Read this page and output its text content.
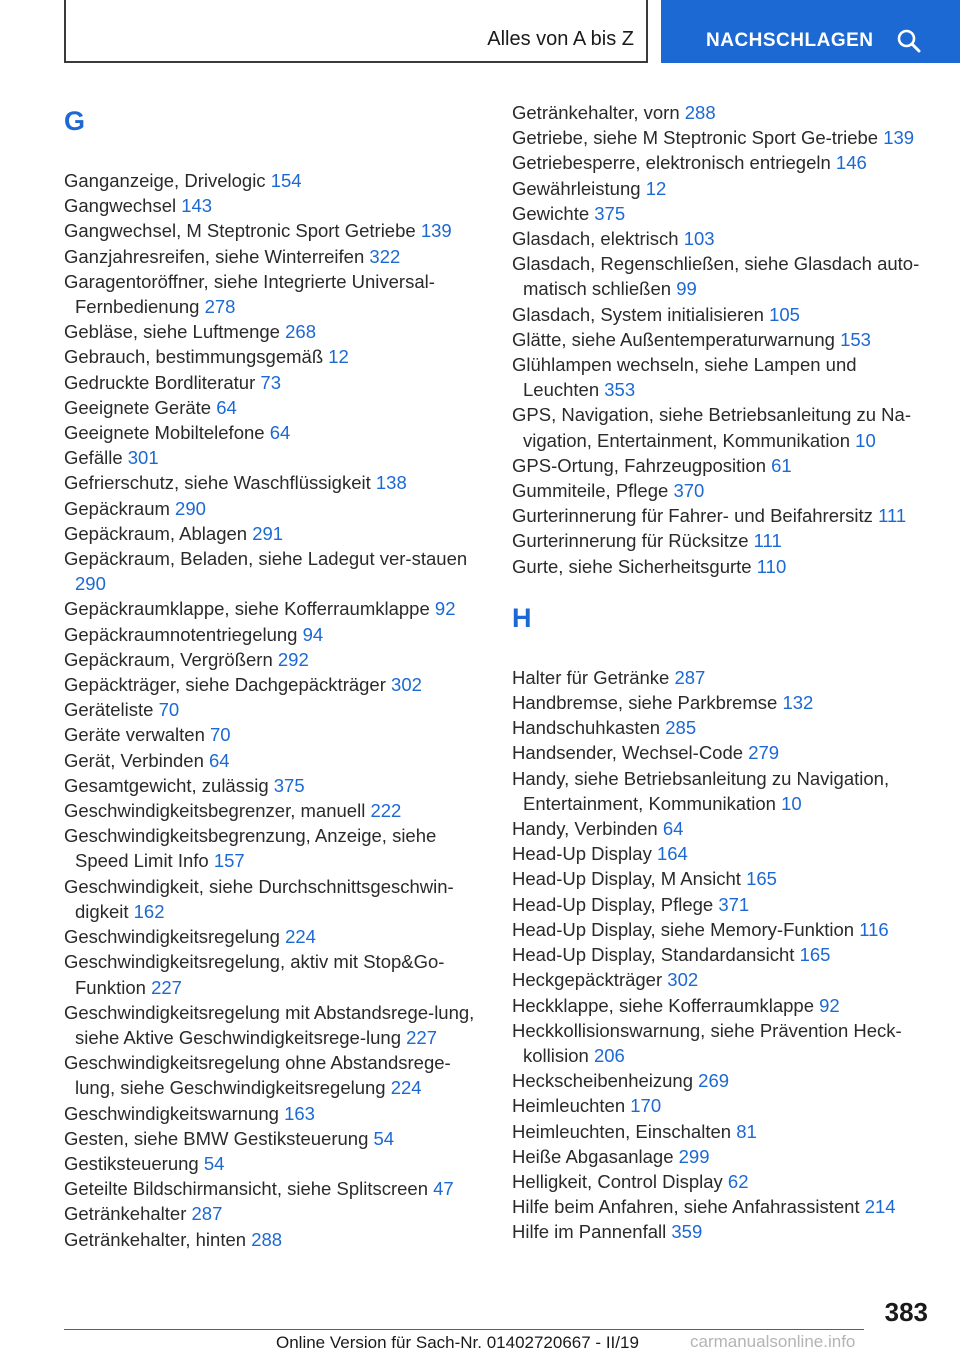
Alles von A bis Z	NACHSCHLAGEN
G
Ganganzeige, Drivelogic 154
Gangwechsel 143
Gangwechsel, M Steptronic Sport Getriebe 139
Ganzjahresreifen, siehe Winterreifen 322
Garagentoröffner, siehe Integrierte Universal‐Fernbedienung 278
Gebläse, siehe Luftmenge 268
Gebrauch, bestimmungsgemäß 12
Gedruckte Bordliteratur 73
Geeignete Geräte 64
Geeignete Mobiltelefone 64
Gefälle 301
Gefrierschutz, siehe Waschflüssigkeit 138
Gepäckraum 290
Gepäckraum, Ablagen 291
Gepäckraum, Beladen, siehe Ladegut ver‐stauen 290
Gepäckraumklappe, siehe Kofferraumklappe 92
Gepäckraumnotentriegelung 94
Gepäckraum, Vergrößern 292
Gepäckträger, siehe Dachgepäckträger 302
Geräteliste 70
Geräte verwalten 70
Gerät, Verbinden 64
Gesamtgewicht, zulässig 375
Geschwindigkeitsbegrenzer, manuell 222
Geschwindigkeitsbegrenzung, Anzeige, siehe Speed Limit Info 157
Geschwindigkeit, siehe Durchschnittsgeschwin‐digkeit 162
Geschwindigkeitsregelung 224
Geschwindigkeitsregelung, aktiv mit Stop&Go-Funktion 227
Geschwindigkeitsregelung mit Abstandsrege‐lung, siehe Aktive Geschwindigkeitsrege‐lung 227
Geschwindigkeitsregelung ohne Abstandsrege‐lung, siehe Geschwindigkeitsregelung 224
Geschwindigkeitswarnung 163
Gesten, siehe BMW Gestiksteuerung 54
Gestiksteuerung 54
Geteilte Bildschirmansicht, siehe Splitscreen 47
Getränkehalter 287
Getränkehalter, hinten 288
Getränkehalter, vorn 288
Getriebe, siehe M Steptronic Sport Ge‐triebe 139
Getriebesperre, elektronisch entriegeln 146
Gewährleistung 12
Gewichte 375
Glasdach, elektrisch 103
Glasdach, Regenschließen, siehe Glasdach auto‐matisch schließen 99
Glasdach, System initialisieren 105
Glätte, siehe Außentemperaturwarnung 153
Glühlampen wechseln, siehe Lampen und Leuchten 353
GPS, Navigation, siehe Betriebsanleitung zu Na‐vigation, Entertainment, Kommunikation 10
GPS-Ortung, Fahrzeugposition 61
Gummiteile, Pflege 370
Gurterinnerung für Fahrer- und Beifahrersitz 111
Gurterinnerung für Rücksitze 111
Gurte, siehe Sicherheitsgurte 110
H
Halter für Getränke 287
Handbremse, siehe Parkbremse 132
Handschuhkasten 285
Handsender, Wechsel-Code 279
Handy, siehe Betriebsanleitung zu Navigation, Entertainment, Kommunikation 10
Handy, Verbinden 64
Head-Up Display 164
Head-Up Display, M Ansicht 165
Head-Up Display, Pflege 371
Head-Up Display, siehe Memory-Funktion 116
Head-Up Display, Standardansicht 165
Heckgepäckträger 302
Heckklappe, siehe Kofferraumklappe 92
Heckkollisionswarnung, siehe Prävention Heck‐kollision 206
Heckscheibenheizung 269
Heimleuchten 170
Heimleuchten, Einschalten 81
Heiße Abgasanlage 299
Helligkeit, Control Display 62
Hilfe beim Anfahren, siehe Anfahrassistent 214
Hilfe im Pannenfall 359
383
Online Version für Sach-Nr. 01402720667 - II/19	carmanualsonline.info
